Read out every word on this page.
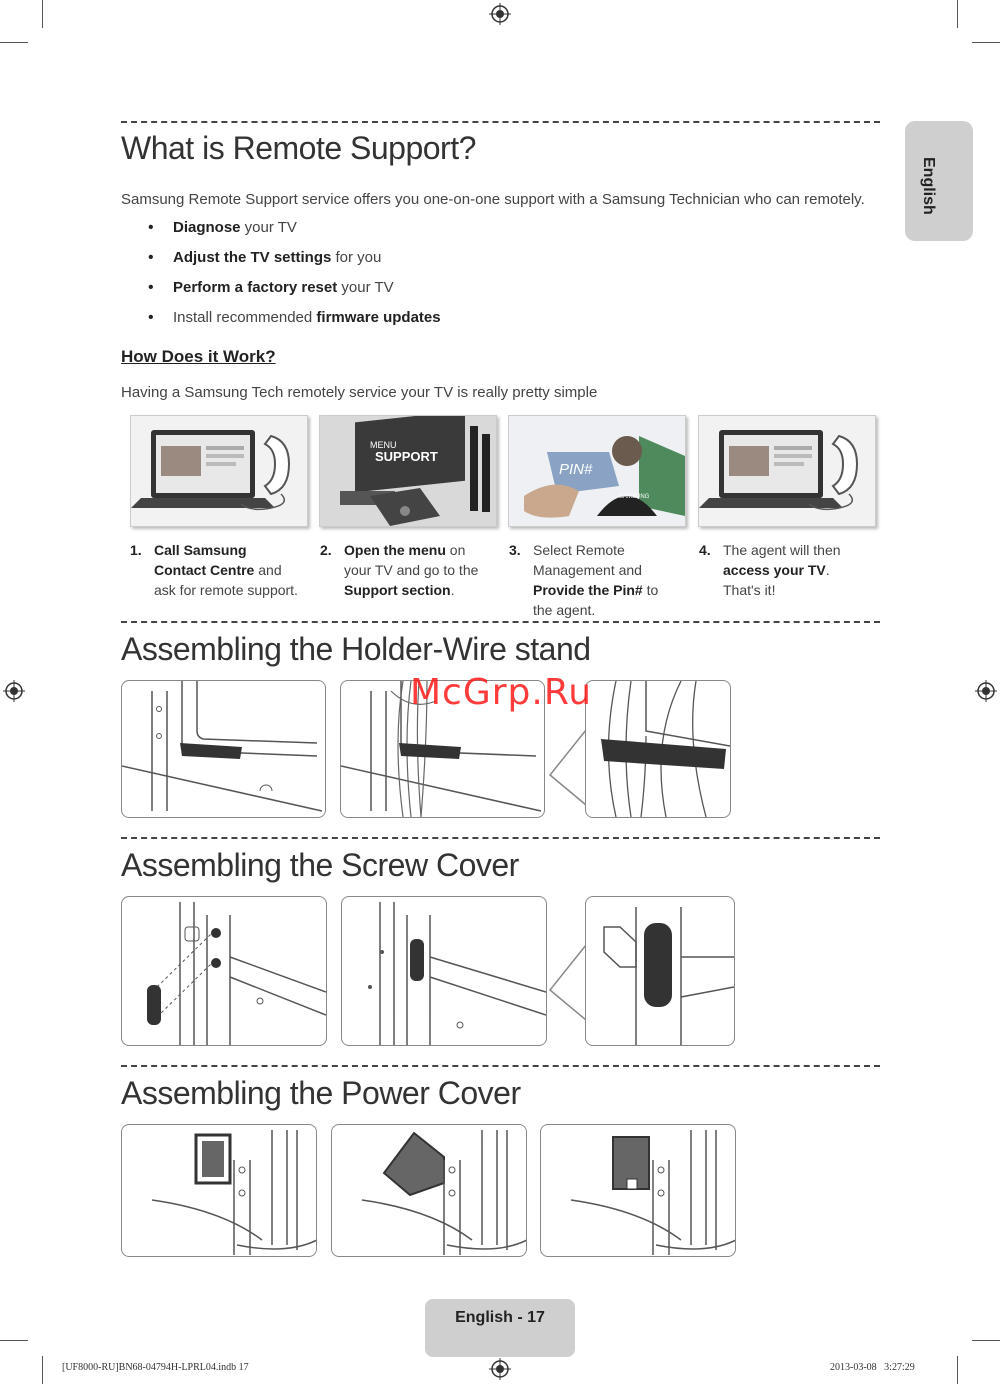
English
What is Remote Support?
Samsung Remote Support service offers you one-on-one support with a Samsung Technician who can remotely.
• Diagnose your TV
• Adjust the TV settings for you
• Perform a factory reset your TV
• Install recommended firmware updates
How Does it Work?
Having a Samsung Tech remotely service your TV is really pretty simple
MENU
SUPPORT
PIN#
SAMSUNG
1. Call Samsung Contact Centre and ask for remote support.
2. Open the menu on your TV and go to the Support section.
3. Select Remote Management and Provide the Pin# to the agent.
4. The agent will then access your TV. That's it!
Assembling the Holder-Wire stand
Assembling the Screw Cover
Assembling the Power Cover
McGrp.Ru
English - 17
[UF8000-RU]BN68-04794H-LPRL04.indb 17	2013-03-08   3:27:29
